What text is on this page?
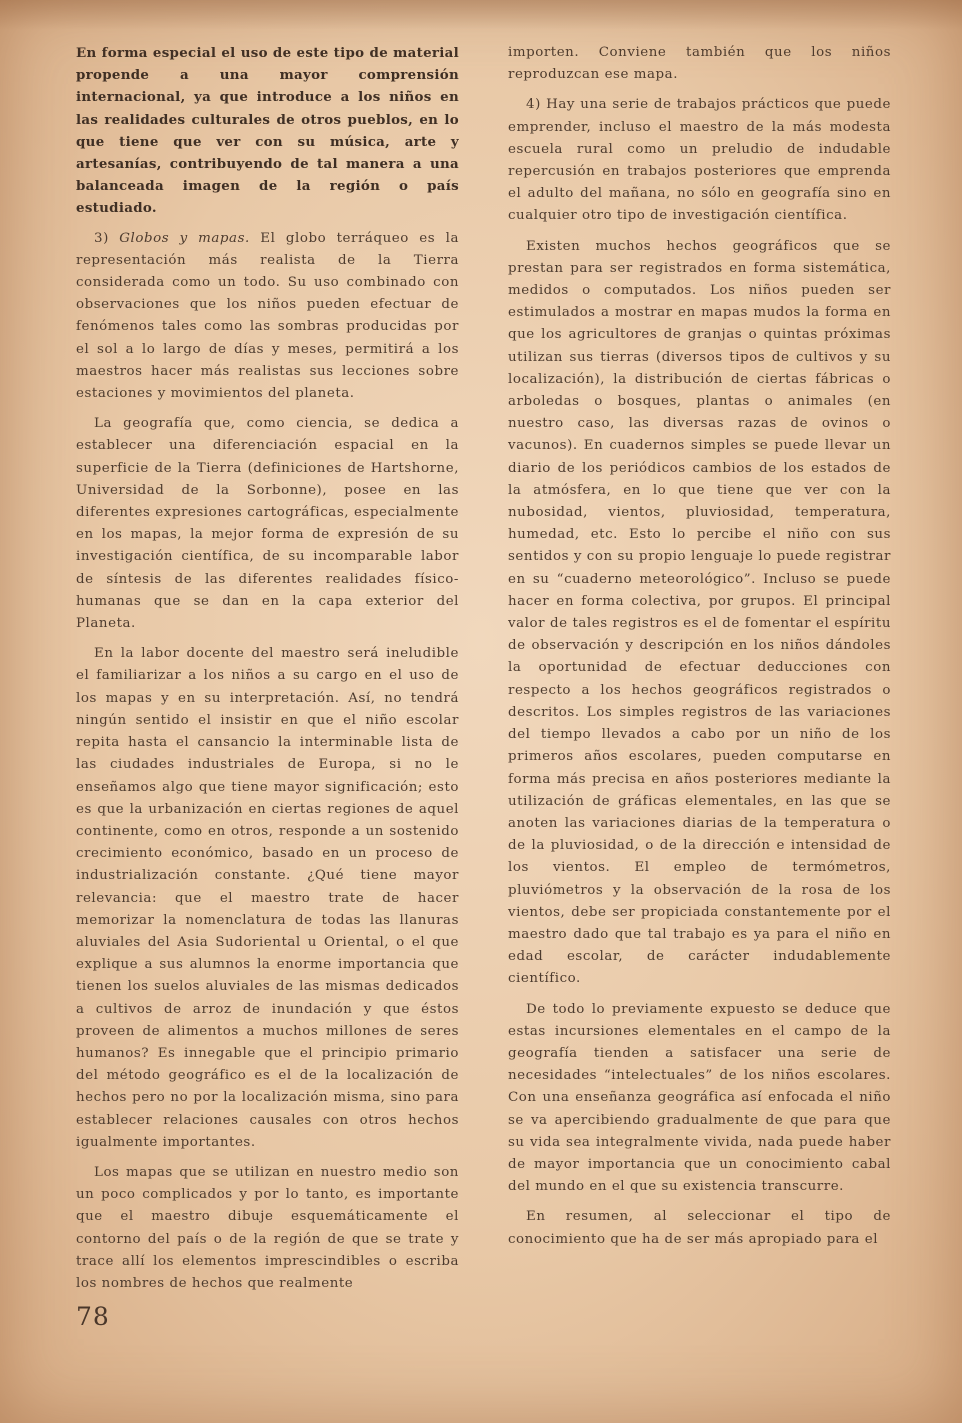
En forma especial el uso de este tipo de material propende a una mayor comprensión internacional, ya que introduce a los niños en las realidades culturales de otros pueblos, en lo que tiene que ver con su música, arte y artesanías, contribuyendo de tal manera a una balanceada imagen de la región o país estudiado.

3) Globos y mapas. El globo terráqueo es la representación más realista de la Tierra considerada como un todo. Su uso combinado con observaciones que los niños pueden efectuar de fenómenos tales como las sombras producidas por el sol a lo largo de días y meses, permitirá a los maestros hacer más realistas sus lecciones sobre estaciones y movimientos del planeta.

La geografía que, como ciencia, se dedica a establecer una diferenciación espacial en la superficie de la Tierra (definiciones de Hartshorne, Universidad de la Sorbonne), posee en las diferentes expresiones cartográficas, especialmente en los mapas, la mejor forma de expresión de su investigación científica, de su incomparable labor de síntesis de las diferentes realidades físico-humanas que se dan en la capa exterior del Planeta.

En la labor docente del maestro será ineludible el familiarizar a los niños a su cargo en el uso de los mapas y en su interpretación. Así, no tendrá ningún sentido el insistir en que el niño escolar repita hasta el cansancio la interminable lista de las ciudades industriales de Europa, si no le enseñamos algo que tiene mayor significación; esto es que la urbanización en ciertas regiones de aquel continente, como en otros, responde a un sostenido crecimiento económico, basado en un proceso de industrialización constante. ¿Qué tiene mayor relevancia: que el maestro trate de hacer memorizar la nomenclatura de todas las llanuras aluviales del Asia Sudoriental u Oriental, o el que explique a sus alumnos la enorme importancia que tienen los suelos aluviales de las mismas dedicados a cultivos de arroz de inundación y que éstos proveen de alimentos a muchos millones de seres humanos? Es innegable que el principio primario del método geográfico es el de la localización de hechos pero no por la localización misma, sino para establecer relaciones causales con otros hechos igualmente importantes.

Los mapas que se utilizan en nuestro medio son un poco complicados y por lo tanto, es importante que el maestro dibuje esquemáticamente el contorno del país o de la región de que se trate y trace allí los elementos imprescindibles o escriba los nombres de hechos que realmente

importen. Conviene también que los niños reproduzcan ese mapa.

4) Hay una serie de trabajos prácticos que puede emprender, incluso el maestro de la más modesta escuela rural como un preludio de indudable repercusión en trabajos posteriores que emprenda el adulto del mañana, no sólo en geografía sino en cualquier otro tipo de investigación científica.

Existen muchos hechos geográficos que se prestan para ser registrados en forma sistemática, medidos o computados. Los niños pueden ser estimulados a mostrar en mapas mudos la forma en que los agricultores de granjas o quintas próximas utilizan sus tierras (diversos tipos de cultivos y su localización), la distribución de ciertas fábricas o arboledas o bosques, plantas o animales (en nuestro caso, las diversas razas de ovinos o vacunos). En cuadernos simples se puede llevar un diario de los periódicos cambios de los estados de la atmósfera, en lo que tiene que ver con la nubosidad, vientos, pluviosidad, temperatura, humedad, etc. Esto lo percibe el niño con sus sentidos y con su propio lenguaje lo puede registrar en su “cuaderno meteorológico”. Incluso se puede hacer en forma colectiva, por grupos. El principal valor de tales registros es el de fomentar el espíritu de observación y descripción en los niños dándoles la oportunidad de efectuar deducciones con respecto a los hechos geográficos registrados o descritos. Los simples registros de las variaciones del tiempo llevados a cabo por un niño de los primeros años escolares, pueden computarse en forma más precisa en años posteriores mediante la utilización de gráficas elementales, en las que se anoten las variaciones diarias de la temperatura o de la pluviosidad, o de la dirección e intensidad de los vientos. El empleo de termómetros, pluviómetros y la observación de la rosa de los vientos, debe ser propiciada constantemente por el maestro dado que tal trabajo es ya para el niño en edad escolar, de carácter indudablemente científico.

De todo lo previamente expuesto se deduce que estas incursiones elementales en el campo de la geografía tienden a satisfacer una serie de necesidades “intelectuales” de los niños escolares. Con una enseñanza geográfica así enfocada el niño se va apercibiendo gradualmente de que para que su vida sea integralmente vivida, nada puede haber de mayor importancia que un conocimiento cabal del mundo en el que su existencia transcurre.

En resumen, al seleccionar el tipo de conocimiento que ha de ser más apropiado para el

78
